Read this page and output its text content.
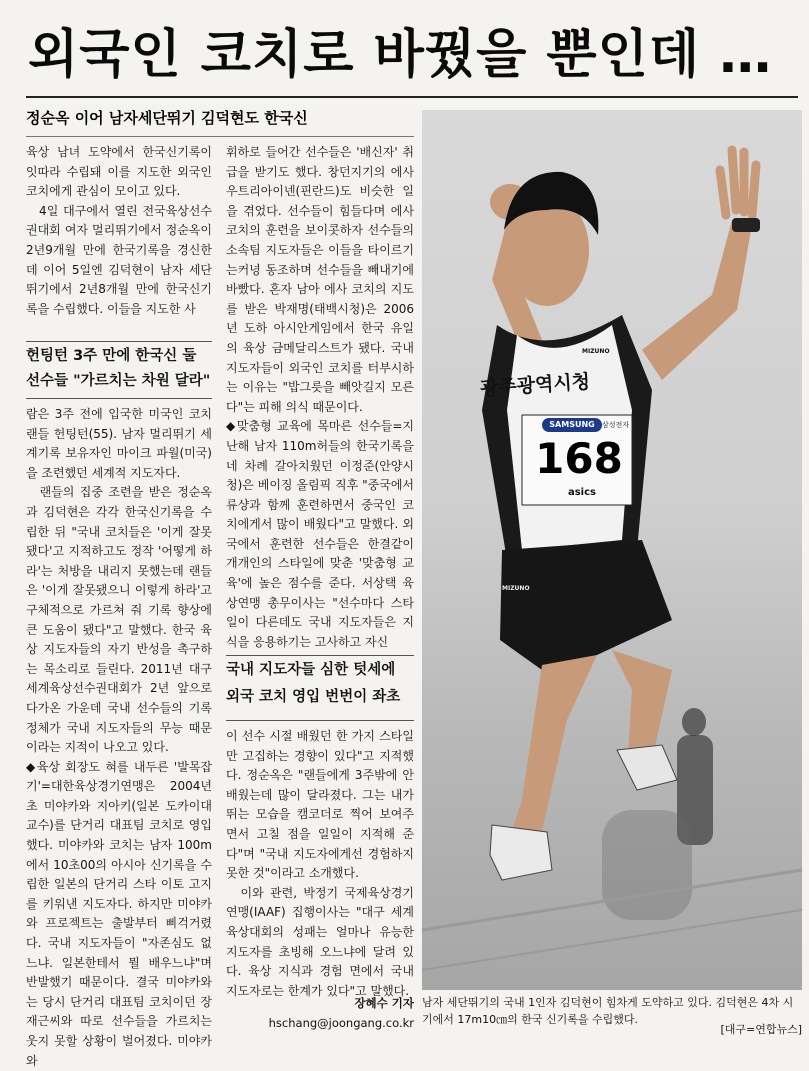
외국인 코치로 바꿨을 뿐인데 …
정순옥 이어 남자세단뛰기 김덕현도 한국신

육상 남녀 도약에서 한국신기록이 잇따라 수립돼 이를 지도한 외국인 코치에게 관심이 모이고 있다.
　4일 대구에서 열린 전국육상선수권대회 여자 멀리뛰기에서 정순옥이 2년9개월 만에 한국기록을 경신한 데 이어 5일엔 김덕현이 남자 세단뛰기에서 2년8개월 만에 한국신기록을 수립했다. 이들을 지도한 사

헌팅턴 3주 만에 한국신 둘
선수들 "가르치는 차원 달라"

람은 3주 전에 입국한 미국인 코치 랜들 헌팅턴(55). 남자 멀리뛰기 세계기록 보유자인 마이크 파월(미국)을 조련했던 세계적 지도자다.
　랜들의 집중 조련을 받은 정순옥과 김덕현은 각각 한국신기록을 수립한 뒤 "국내 코치들은 '이게 잘못됐다'고 지적하고도 정작 '어떻게 하라'는 처방을 내리지 못했는데 랜들은 '이게 잘못됐으니 이렇게 하라'고 구체적으로 가르쳐 줘 기록 향상에 큰 도움이 됐다"고 말했다. 한국 육상 지도자들의 자기 반성을 촉구하는 목소리로 들린다. 2011년 대구 세계육상선수권대회가 2년 앞으로 다가온 가운데 국내 선수들의 기록 정체가 국내 지도자들의 무능 때문이라는 지적이 나오고 있다.
◆육상 회장도 혀를 내두른 '발목잡기'=대한육상경기연맹은 2004년 초 미야카와 지아키(일본 도카이대 교수)를 단거리 대표팀 코치로 영입했다. 미야카와 코치는 남자 100m에서 10초00의 아시아 신기록을 수립한 일본의 단거리 스타 이토 고지를 키워낸 지도자다. 하지만 미야카와 프로젝트는 출발부터 삐걱거렸다. 국내 지도자들이 "자존심도 없느냐. 일본한테서 뭘 배우느냐"며 반발했기 때문이다. 결국 미야카와는 당시 단거리 대표팀 코치이던 장재근씨와 따로 선수들을 가르치는 웃지 못할 상황이 벌어졌다. 미야카와

휘하로 들어간 선수들은 '배신자' 취급을 받기도 했다. 창던지기의 에사 우트리아이넨(핀란드)도 비슷한 일을 겪었다. 선수들이 힘들다며 에사 코치의 훈련을 보이콧하자 선수들의 소속팀 지도자들은 이들을 타이르기는커녕 동조하며 선수들을 빼내기에 바빴다. 혼자 남아 에사 코치의 지도를 받은 박재명(태백시청)은 2006년 도하 아시안게임에서 한국 유일의 육상 금메달리스트가 됐다. 국내 지도자들이 외국인 코치를 터부시하는 이유는 "밥그릇을 빼앗길지 모른다"는 피해 의식 때문이다.
◆맞춤형 교육에 목마른 선수들=지난해 남자 110m허들의 한국기록을 네 차례 갈아치웠던 이정준(안양시청)은 베이징 올림픽 직후 "중국에서 류샹과 함께 훈련하면서 중국인 코치에게서 많이 배웠다"고 말했다. 외국에서 훈련한 선수들은 한결같이 개개인의 스타일에 맞춘 '맞춤형 교육'에 높은 점수를 준다. 서상택 육상연맹 총무이사는 "선수마다 스타일이 다른데도 국내 지도자들은 지식을 응용하기는 고사하고 자신

국내 지도자들 심한 텃세에
외국 코치 영입 번번이 좌초

이 선수 시절 배웠던 한 가지 스타일만 고집하는 경향이 있다"고 지적했다. 정순옥은 "랜들에게 3주밖에 안 배웠는데 많이 달라졌다. 그는 내가 뛰는 모습을 캠코더로 찍어 보여주면서 고칠 점을 일일이 지적해 준다"며 "국내 지도자에게선 경험하지 못한 것"이라고 소개했다.
　이와 관련, 박정기 국제육상경기연맹(IAAF) 집행이사는 "대구 세계육상대회의 성패는 얼마나 유능한 지도자를 초빙해 오느냐에 달려 있다. 육상 지식과 경험 면에서 국내 지도자로는 한계가 있다"고 말했다.

장혜수 기자
hschang@joongang.co.kr
광주광역시청
SAMSUNG	삼성전자
168
asics
MIZUNO
MIZUNO
남자 세단뛰기의 국내 1인자 김덕현이 힘차게 도약하고 있다. 김덕현은 4차 시기에서 17m10㎝의 한국 신기록을 수립했다.
[대구=연합뉴스]
